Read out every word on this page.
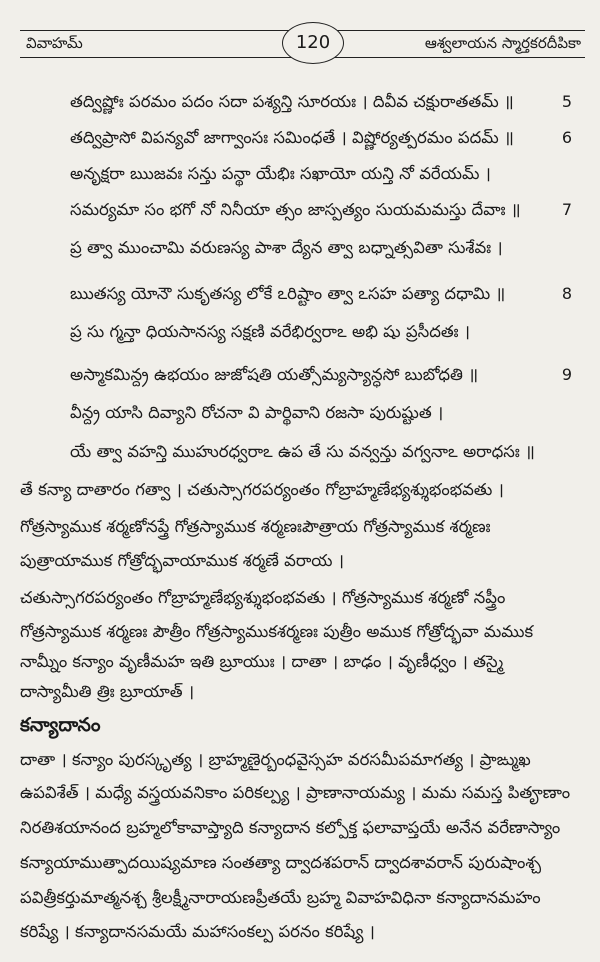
వివాహమ్	120	ఆశ్వలాయన స్మార్తకరదీపికా
తద్విష్ణోః పరమం పదం సదా పశ్యన్తి సూరయః । దివీవ చక్షురాతతమ్ ॥	5
తద్విప్రాసో విపన్యవో జాగ్వాంసః సమింధతే । విష్ణోర్యత్పరమం పదమ్ ॥	6
అనృక్షరా ఋజవః సన్తు పన్థా యేభిః సఖాయో యన్తి నో వరేయమ్ ।
సమర్యమా సం భగో నో నినీయా త్సం జాస్పత్యం సుయమమస్తు దేవాః ॥	7
ప్ర త్వా ముంచామి వరుణస్య పాశా ద్యేన త్వా బధ్నాత్సవితా సుశేవః ।
ఋతస్య యోనౌ సుకృతస్య లోకే ఽరిష్టాం త్వా ఽసహ పత్యా దధామి ॥	8
ప్ర సు గ్మన్తా ధియసానస్య సక్షణి వరేభిర్వరాఽ అభి షు ప్రసీదతః ।
అస్మాకమిన్ద్ర ఉభయం జుజోషతి యత్సోమ్యస్యాన్ధసో బుబోధతి ॥	9
వీన్ద్ర యాసి దివ్యాని రోచనా వి పార్థివాని రజసా పురుష్టుత ।
యే త్వా వహన్తి ముహురధ్వరాఽ ఉప తే సు వన్వన్తు వగ్వనాఽ అరాధసః ॥
తే కన్యా దాతారం గత్వా । చతుస్సాగరపర్యంతం గోబ్రాహ్మణేభ్యశ్శుభంభవతు ।
గోత్రస్యాముక శర్మణోనప్త్రే గోత్రస్యాముక శర్మణఃపౌత్రాయ గోత్రస్యాముక శర్మణః
పుత్రాయాముక గోత్రోద్భవాయాముక శర్మణే వరాయ ।
చతుస్సాగరపర్యంతం గోబ్రాహ్మణేభ్యశ్శుభంభవతు । గోత్రస్యాముక శర్మణో నప్త్రీం
గోత్రస్యాముక శర్మణః పౌత్రీం గోత్రస్యాముకశర్మణః పుత్రీం అముక గోత్రోద్భవా మముక
నామ్నీం కన్యాం వృణీమహ ఇతి బ్రూయుః । దాతా । బాఢం । వృణీధ్వం । తస్మై
దాస్యామీతి త్రిః బ్రూయాత్ ।
కన్యాదానం
దాతా । కన్యాం పురస్కృత్య । బ్రాహ్మణైర్బంధవైస్సహ వరసమీపమాగత్య । ప్రాఙ్ముఖ
ఉపవిశేత్ । మధ్యే వస్త్రయవనికాం పరికల్ప్య । ప్రాణానాయమ్య । మమ సమస్త పితౄణాం
నిరతిశయానంద బ్రహ్మలోకావాప్త్యాది కన్యాదాన కల్పోక్త ఫలావాప్తయే అనేన వరేణాస్యాం
కన్యాయాముత్పాదయిష్యమాణ సంతత్యా ద్వాదశపరాన్ ద్వాదశావరాన్ పురుషాంశ్చ
పవిత్రీకర్తుమాత్మనశ్చ శ్రీలక్ష్మీనారాయణప్రీతయే బ్రహ్మ వివాహవిధినా కన్యాదానమహం
కరిష్యే । కన్యాదానసమయే మహాసంకల్ప పరనం కరిష్యే ।
